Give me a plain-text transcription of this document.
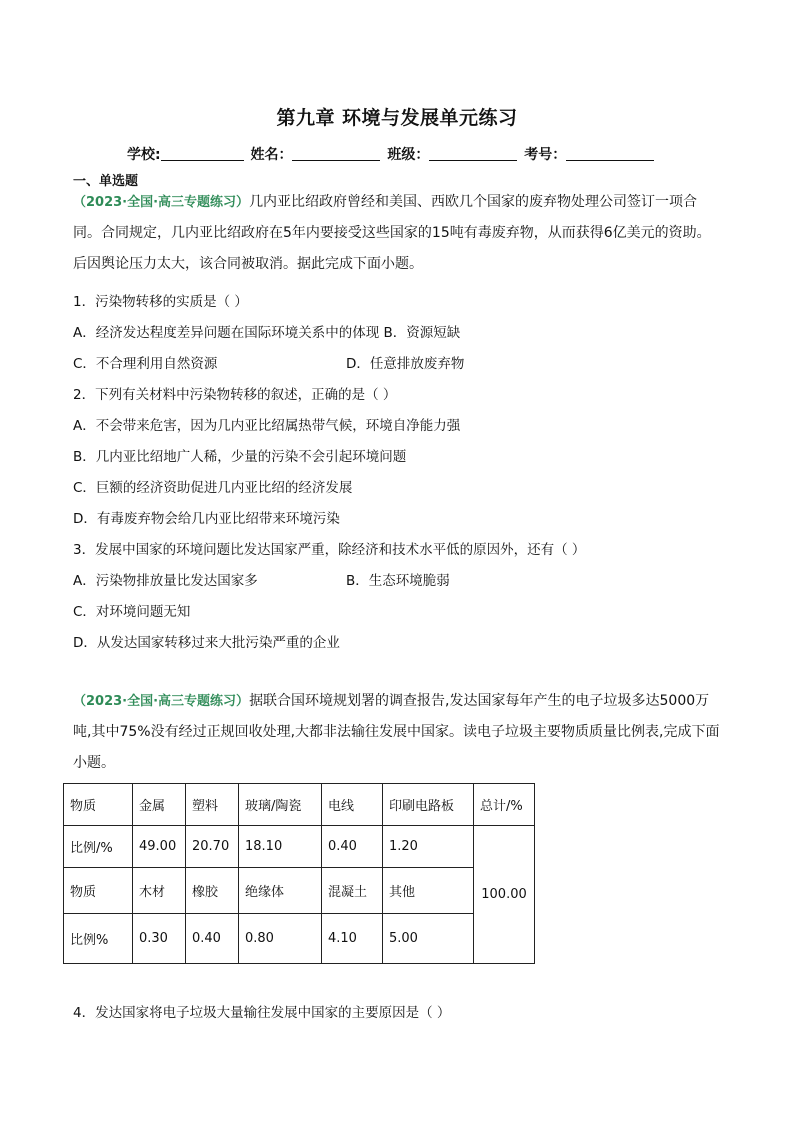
第九章 环境与发展单元练习
学校:	姓名：	班级：	考号：
一、单选题
（2023·全国·高三专题练习）几内亚比绍政府曾经和美国、西欧几个国家的废弃物处理公司签订一项合同。合同规定，几内亚比绍政府在5年内要接受这些国家的15吨有毒废弃物，从而获得6亿美元的资助。后因舆论压力太大，该合同被取消。据此完成下面小题。
1．污染物转移的实质是（ ）
A．经济发达程度差异问题在国际环境关系中的体现 B．资源短缺
C．不合理利用自然资源	D．任意排放废弃物
2．下列有关材料中污染物转移的叙述，正确的是（ ）
A．不会带来危害，因为几内亚比绍属热带气候，环境自净能力强
B．几内亚比绍地广人稀，少量的污染不会引起环境问题
C．巨额的经济资助促进几内亚比绍的经济发展
D．有毒废弃物会给几内亚比绍带来环境污染
3．发展中国家的环境问题比发达国家严重，除经济和技术水平低的原因外，还有（ ）
A．污染物排放量比发达国家多	B．生态环境脆弱
C．对环境问题无知
D．从发达国家转移过来大批污染严重的企业
（2023·全国·高三专题练习）据联合国环境规划署的调查报告,发达国家每年产生的电子垃圾多达5000万吨,其中75%没有经过正规回收处理,大都非法输往发展中国家。读电子垃圾主要物质质量比例表,完成下面小题。
物质	金属	塑料	玻璃/陶瓷	电线	印刷电路板	总计/%
比例/%	49.00	20.70	18.10	0.40	1.20	100.00
物质	木材	橡胶	绝缘体	混凝土	其他	
比例%	0.30	0.40	0.80	4.10	5.00	
4．发达国家将电子垃圾大量输往发展中国家的主要原因是（ ）
